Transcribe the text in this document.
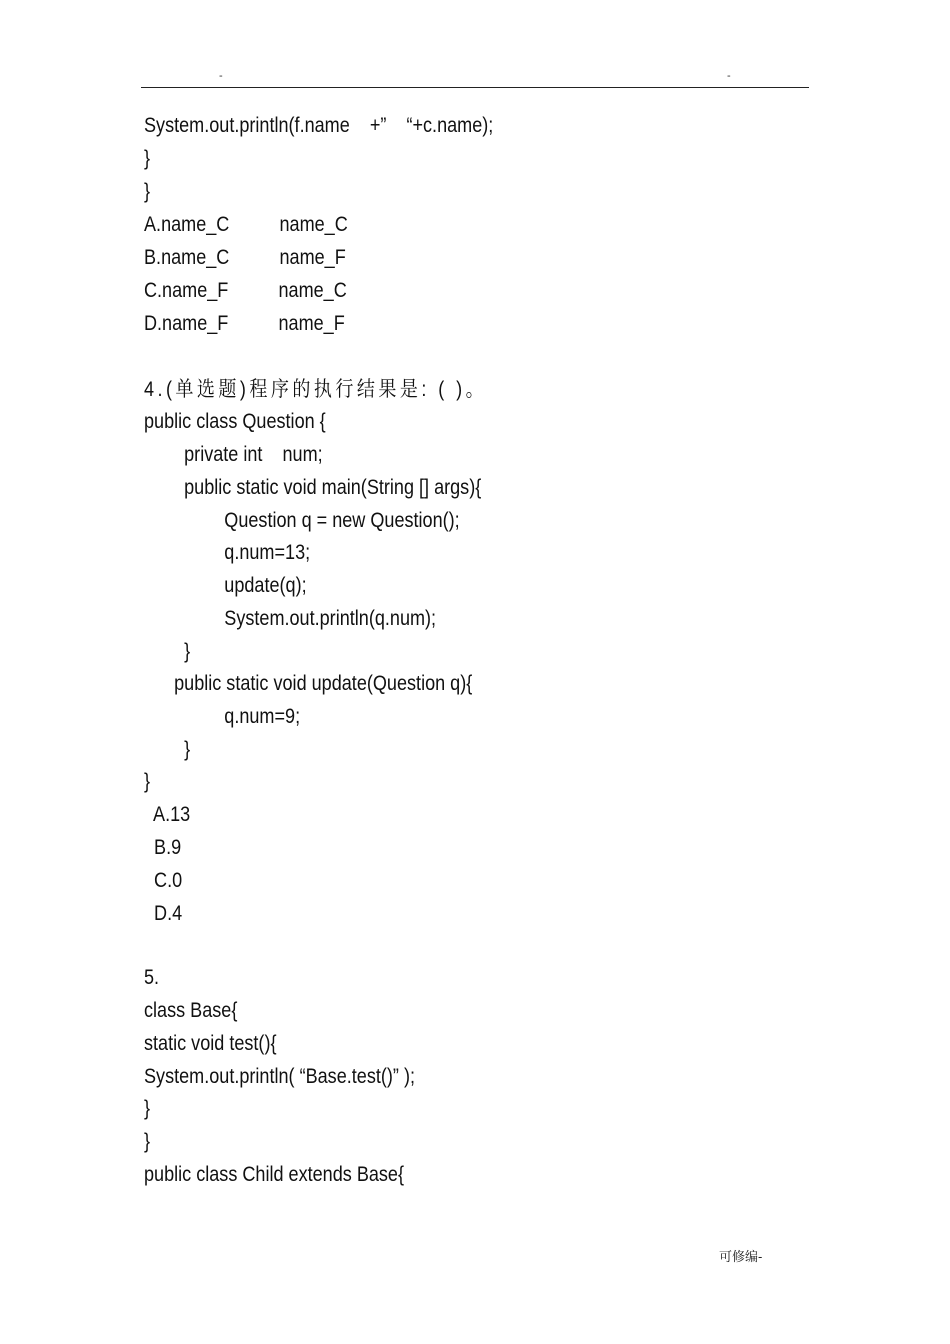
-	-
System.out.println(f.name    +”    “+c.name);
}
}
A.name_C          name_C
B.name_C          name_F
C.name_F          name_C
D.name_F          name_F
4.(单选题)程序的执行结果是: ( )。
public class Question {
private int    num;
public static void main(String [] args){
Question q = new Question();
q.num=13;
update(q);
System.out.println(q.num);
}
public static void update(Question q){
q.num=9;
}
}
A.13
B.9
C.0
D.4
5.
class Base{
static void test(){
System.out.println( “Base.test()” );
}
}
public class Child extends Base{
可修编-
